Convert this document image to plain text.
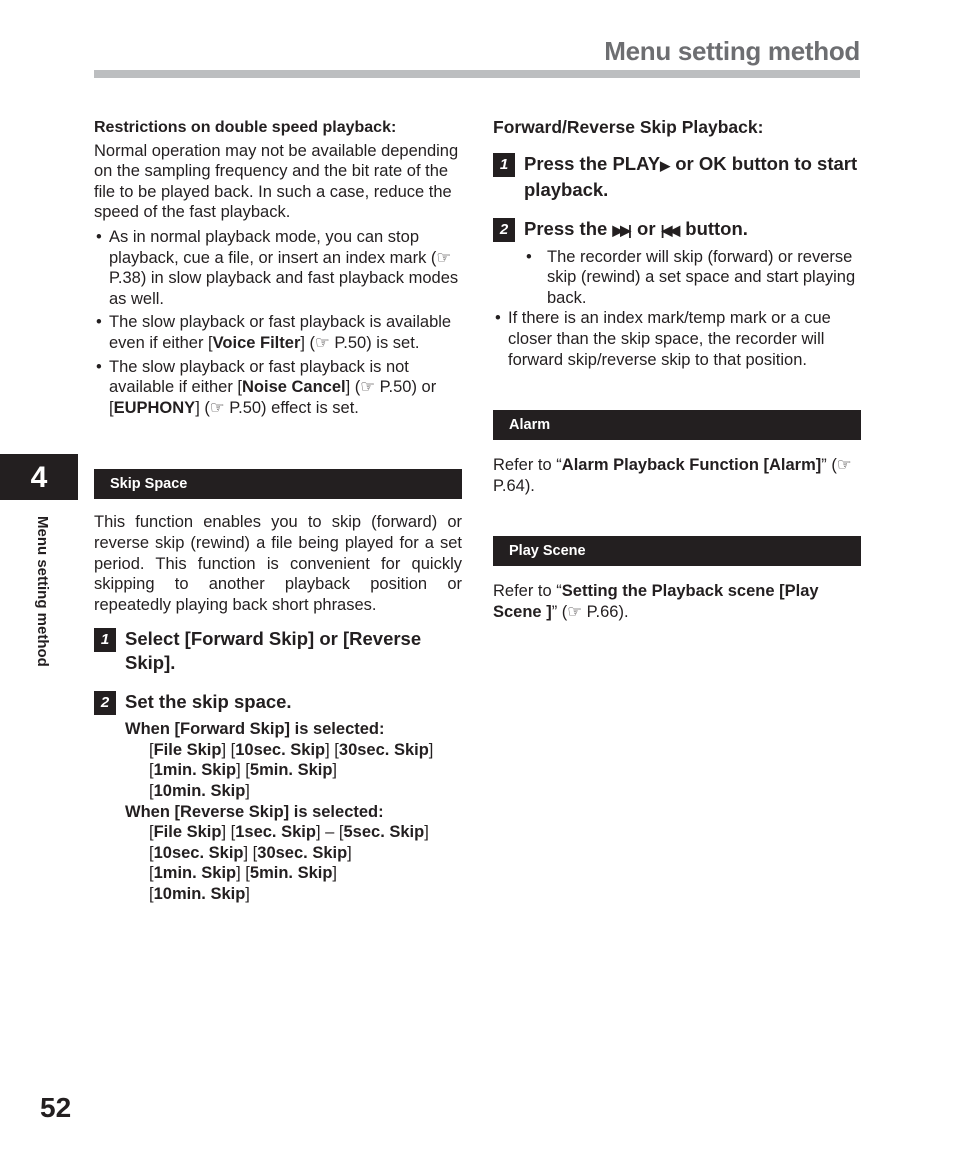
Menu setting method
4
Menu setting method
52

Restrictions on double speed playback:

Normal operation may not be available depending on the sampling frequency and the bit rate of the file to be played back. In such a case, reduce the speed of the fast playback.

• As in normal playback mode, you can stop playback, cue a file, or insert an index mark (☞ P.38) in slow playback and fast playback modes as well.
• The slow playback or fast playback is available even if either [Voice Filter] (☞ P.50) is set.
• The slow playback or fast playback is not available if either [Noise Cancel] (☞ P.50) or [EUPHONY] (☞ P.50) effect is set.
Skip Space

This function enables you to skip (forward) or reverse skip (rewind) a file being played for a set period. This function is convenient for quickly skipping to another playback position or repeatedly playing back short phrases.

1 Select [Forward Skip] or [Reverse Skip].
2 Set the skip space.
When [Forward Skip] is selected:
[File Skip] [10sec. Skip] [30sec. Skip]
[1min. Skip] [5min. Skip]
[10min. Skip]
When [Reverse Skip] is selected:
[File Skip] [1sec. Skip] – [5sec. Skip]
[10sec. Skip] [30sec. Skip]
[1min. Skip] [5min. Skip]
[10min. Skip]

Forward/Reverse Skip Playback:

1 Press the PLAY▶ or OK button to start playback.
2 Press the ▶▶| or |◀◀ button.
• The recorder will skip (forward) or reverse skip (rewind) a set space and start playing back.
• If there is an index mark/temp mark or a cue closer than the skip space, the recorder will forward skip/reverse skip to that position.
Alarm

Refer to “Alarm Playback Function [Alarm]” (☞ P.64).

Play Scene

Refer to “Setting the Playback scene [Play Scene ]” (☞ P.66).
